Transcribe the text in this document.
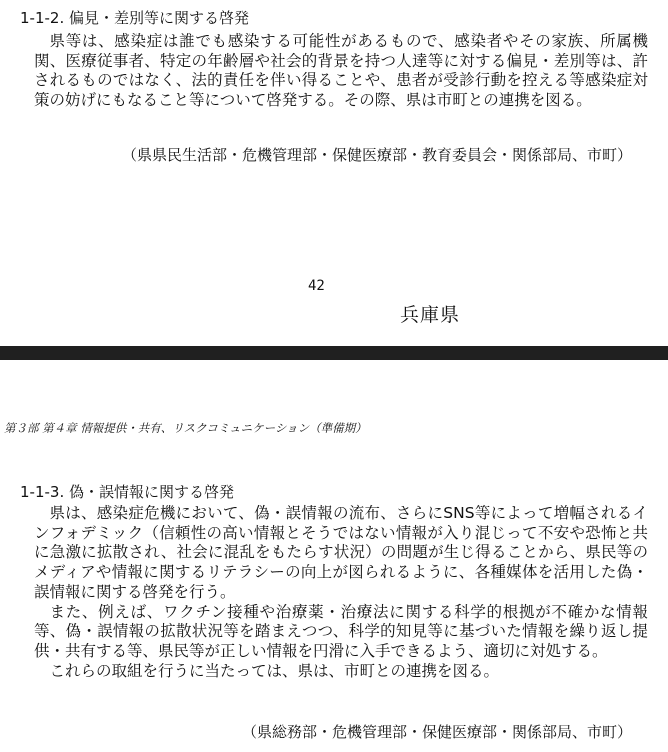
1-1-2. 偏見・差別等に関する啓発

県等は、感染症は誰でも感染する可能性があるもので、感染者やその家族、所属機関、医療従事者、特定の年齢層や社会的背景を持つ人達等に対する偏見・差別等は、許されるものではなく、法的責任を伴い得ることや、患者が受診行動を控える等感染症対策の妨げにもなること等について啓発する。その際、県は市町との連携を図る。

（県県民生活部・危機管理部・保健医療部・教育委員会・関係部局、市町）
42
兵庫県
第３部 第４章 情報提供・共有、リスクコミュニケーション（準備期）
1-1-3. 偽・誤情報に関する啓発

県は、感染症危機において、偽・誤情報の流布、さらにSNS等によって増幅されるインフォデミック（信頼性の高い情報とそうではない情報が入り混じって不安や恐怖と共に急激に拡散され、社会に混乱をもたらす状況）の問題が生じ得ることから、県民等のメディアや情報に関するリテラシーの向上が図られるように、各種媒体を活用した偽・誤情報に関する啓発を行う。

また、例えば、ワクチン接種や治療薬・治療法に関する科学的根拠が不確かな情報等、偽・誤情報の拡散状況等を踏まえつつ、科学的知見等に基づいた情報を繰り返し提供・共有する等、県民等が正しい情報を円滑に入手できるよう、適切に対処する。

これらの取組を行うに当たっては、県は、市町との連携を図る。

（県総務部・危機管理部・保健医療部・関係部局、市町）
